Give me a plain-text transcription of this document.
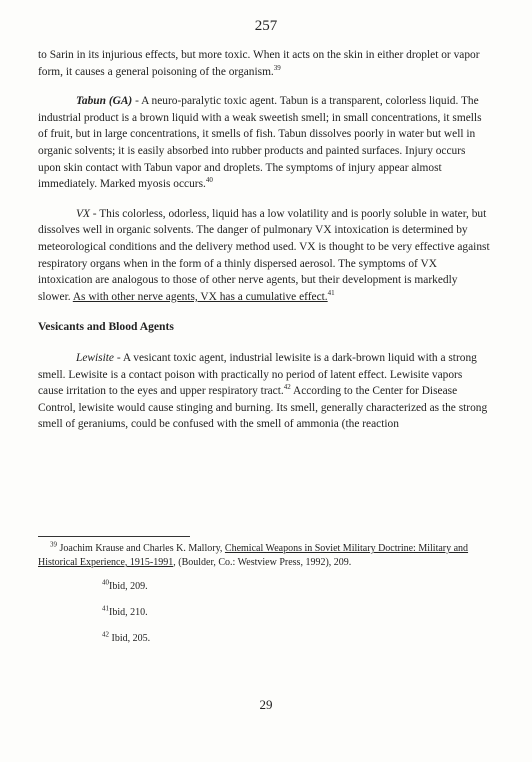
257

to Sarin in its injurious effects, but more toxic. When it acts on the skin in either droplet or vapor form, it causes a general poisoning of the organism.$^{39}$

Tabun (GA) - A neuro-paralytic toxic agent. Tabun is a transparent, colorless liquid. The industrial product is a brown liquid with a weak sweetish smell; in small concentrations, it smells of fruit, but in large concentrations, it smells of fish. Tabun dissolves poorly in water but well in organic solvents; it is easily absorbed into rubber products and painted surfaces. Injury occurs upon skin contact with Tabun vapor and droplets. The symptoms of injury appear almost immediately. Marked myosis occurs.$^{40}$

VX - This colorless, odorless, liquid has a low volatility and is poorly soluble in water, but dissolves well in organic solvents. The danger of pulmonary VX intoxication is determined by meteorological conditions and the delivery method used. VX is thought to be very effective against respiratory organs when in the form of a thinly dispersed aerosol. The symptoms of VX intoxication are analogous to those of other nerve agents, but their development is markedly slower. As with other nerve agents, VX has a cumulative effect.$^{41}$

Vesicants and Blood Agents

Lewisite - A vesicant toxic agent, industrial lewisite is a dark-brown liquid with a strong smell. Lewisite is a contact poison with practically no period of latent effect. Lewisite vapors cause irritation to the eyes and upper respiratory tract.$^{42}$ According to the Center for Disease Control, lewisite would cause stinging and burning. Its smell, generally characterized as the strong smell of geraniums, could be confused with the smell of ammonia (the reaction

$^{39}$ Joachim Krause and Charles K. Mallory, Chemical Weapons in Soviet Military Doctrine: Military and Historical Experience, 1915-1991, (Boulder, Co.: Westview Press, 1992), 209.
$^{40}$Ibid, 209.
$^{41}$Ibid, 210.
$^{42}$ Ibid, 205.
29
